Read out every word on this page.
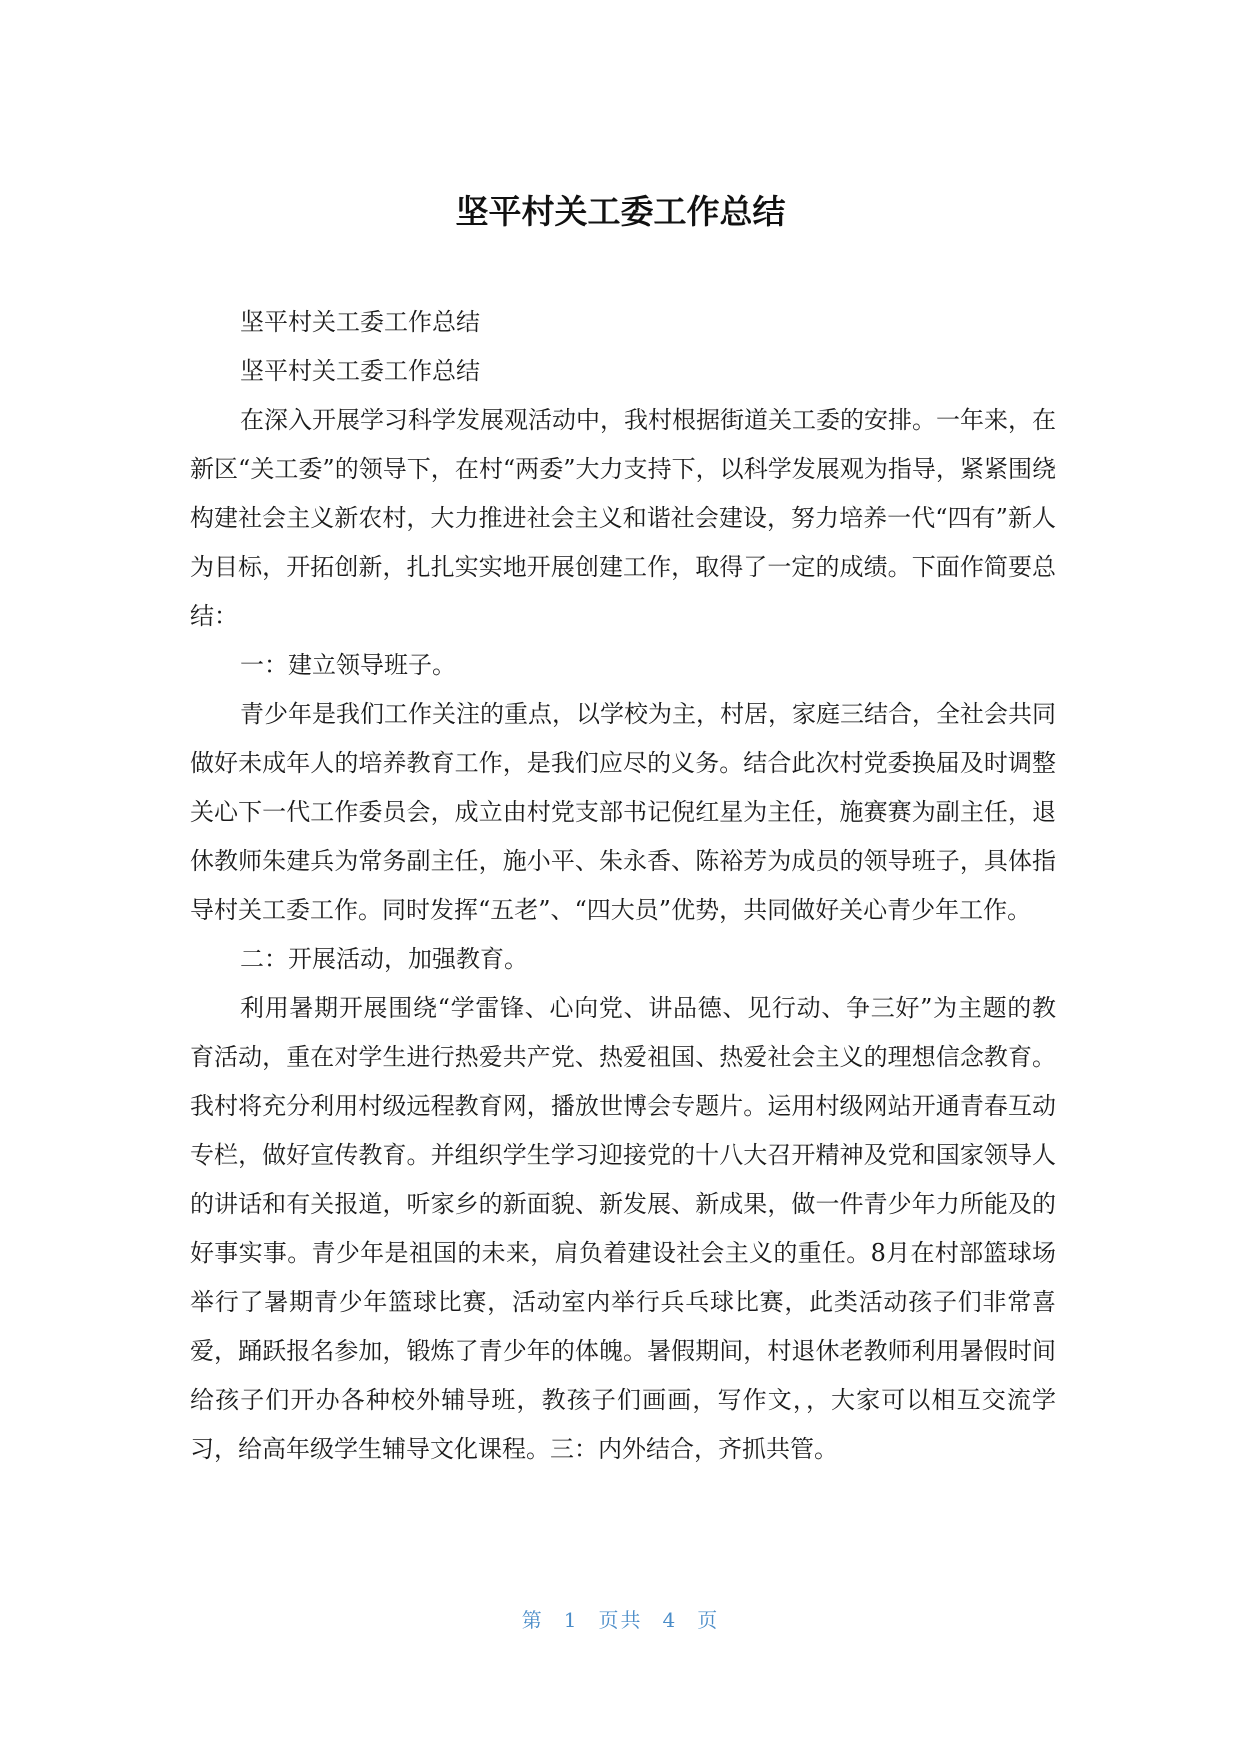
坚平村关工委工作总结

坚平村关工委工作总结

坚平村关工委工作总结

在深入开展学习科学发展观活动中，我村根据街道关工委的安排。一年来，在新区“关工委”的领导下，在村“两委”大力支持下，以科学发展观为指导，紧紧围绕构建社会主义新农村，大力推进社会主义和谐社会建设，努力培养一代“四有”新人为目标，开拓创新，扎扎实实地开展创建工作，取得了一定的成绩。下面作简要总结：

一：建立领导班子。

青少年是我们工作关注的重点，以学校为主，村居，家庭三结合，全社会共同做好未成年人的培养教育工作，是我们应尽的义务。结合此次村党委换届及时调整关心下一代工作委员会，成立由村党支部书记倪红星为主任，施赛赛为副主任，退休教师朱建兵为常务副主任，施小平、朱永香、陈裕芳为成员的领导班子，具体指导村关工委工作。同时发挥“五老”、“四大员”优势，共同做好关心青少年工作。

二：开展活动，加强教育。

利用暑期开展围绕“学雷锋、心向党、讲品德、见行动、争三好”为主题的教育活动，重在对学生进行热爱共产党、热爱祖国、热爱社会主义的理想信念教育。我村将充分利用村级远程教育网，播放世博会专题片。运用村级网站开通青春互动专栏，做好宣传教育。并组织学生学习迎接党的十八大召开精神及党和国家领导人的讲话和有关报道，听家乡的新面貌、新发展、新成果，做一件青少年力所能及的好事实事。青少年是祖国的未来，肩负着建设社会主义的重任。8月在村部篮球场举行了暑期青少年篮球比赛，活动室内举行兵乓球比赛，此类活动孩子们非常喜爱，踊跃报名参加，锻炼了青少年的体魄。暑假期间，村退休老教师利用暑假时间给孩子们开办各种校外辅导班，教孩子们画画，写作文，，大家可以相互交流学习，给高年级学生辅导文化课程。三：内外结合，齐抓共管。

第 1 页共 4 页
